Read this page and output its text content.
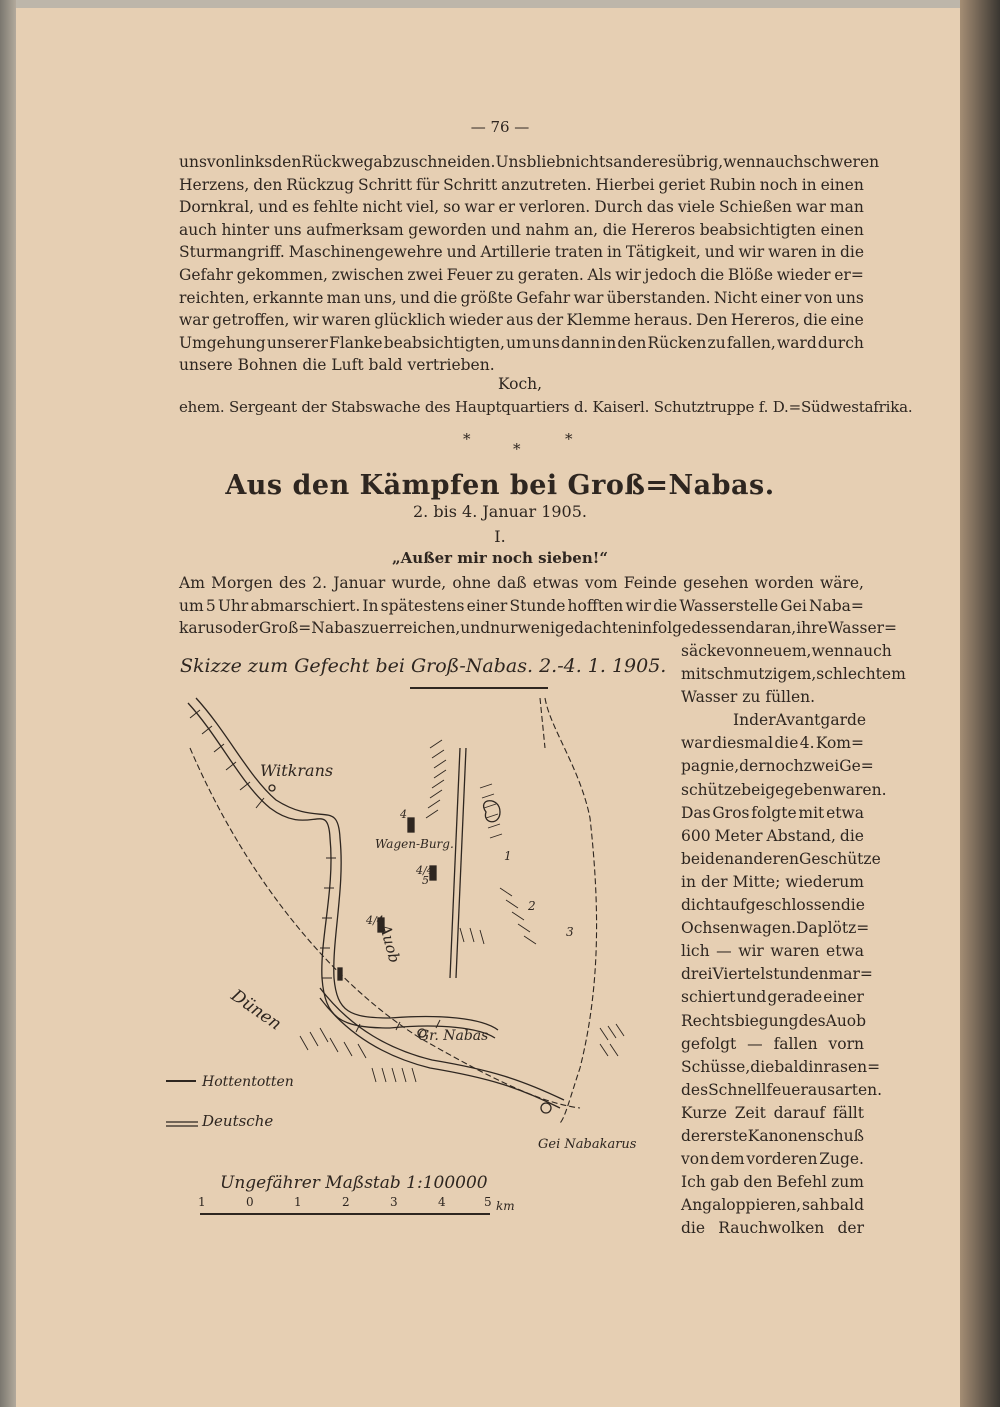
— 76 —
uns von links den Rückweg abzuschneiden. Uns blieb nichts anderes übrig, wenn auch schweren
Herzens, den Rückzug Schritt für Schritt anzutreten. Hierbei geriet Rubin noch in einen
Dornkral, und es fehlte nicht viel, so war er verloren. Durch das viele Schießen war man
auch hinter uns aufmerksam geworden und nahm an, die Hereros beabsichtigten einen
Sturmangriff. Maschinengewehre und Artillerie traten in Tätigkeit, und wir waren in die
Gefahr gekommen, zwischen zwei Feuer zu geraten. Als wir jedoch die Blöße wieder er=
reichten, erkannte man uns, und die größte Gefahr war überstanden. Nicht einer von uns
war getroffen, wir waren glücklich wieder aus der Klemme heraus. Den Hereros, die eine
Umgehung unserer Flanke beabsichtigten, um uns dann in den Rücken zu fallen, ward durch
unsere Bohnen die Luft bald vertrieben.
Koch,
ehem. Sergeant der Stabswache des Hauptquartiers d. Kaiserl. Schutztruppe f. D.=Südwestafrika.
*	*
*
Aus den Kämpfen bei Groß=Nabas.
2. bis 4. Januar 1905.
I.
„Außer mir noch sieben!“
Am Morgen des 2. Januar wurde, ohne daß etwas vom Feinde gesehen worden wäre,
um 5 Uhr abmarschiert. In spätestens einer Stunde hofften wir die Wasserstelle Gei Naba=
karus oder Groß=Nabas zu erreichen, und nur wenige dachten infolgedessen daran, ihre Wasser=
säcke von neuem, wenn auch
mit schmutzigem, schlechtem
Wasser zu füllen.
In der Avantgarde
war diesmal die 4. Kom=
pagnie, der noch zwei Ge=
schütze beigegeben waren.
Das Gros folgte mit etwa
600 Meter Abstand, die
beiden anderen Geschütze
in der Mitte; wiederum
dicht aufgeschlossen die
Ochsenwagen. Da plötz=
lich — wir waren etwa
drei Viertelstunden mar=
schiert und gerade einer
Rechtsbiegung des Auob
gefolgt — fallen vorn
Schüsse, die bald in rasen=
des Schnellfeuer ausarten.
Kurze Zeit darauf fällt
der erste Kanonenschuß
von dem vorderen Zuge.
Ich gab den Befehl zum
Angaloppieren, sah bald
die Rauchwolken der
Skizze zum Gefecht bei Groß-Nabas. 2.-4. 1. 1905.
Witkrans
Wagen-Burg.
Auob
Dünen
Gr. Nabas
Gei Nabakarus
4
4/4
4/4
5
1
2
3
Hottentotten
Deutsche
Ungefährer Maßstab 1:100000
1	0	1	2	3	4	5 km
